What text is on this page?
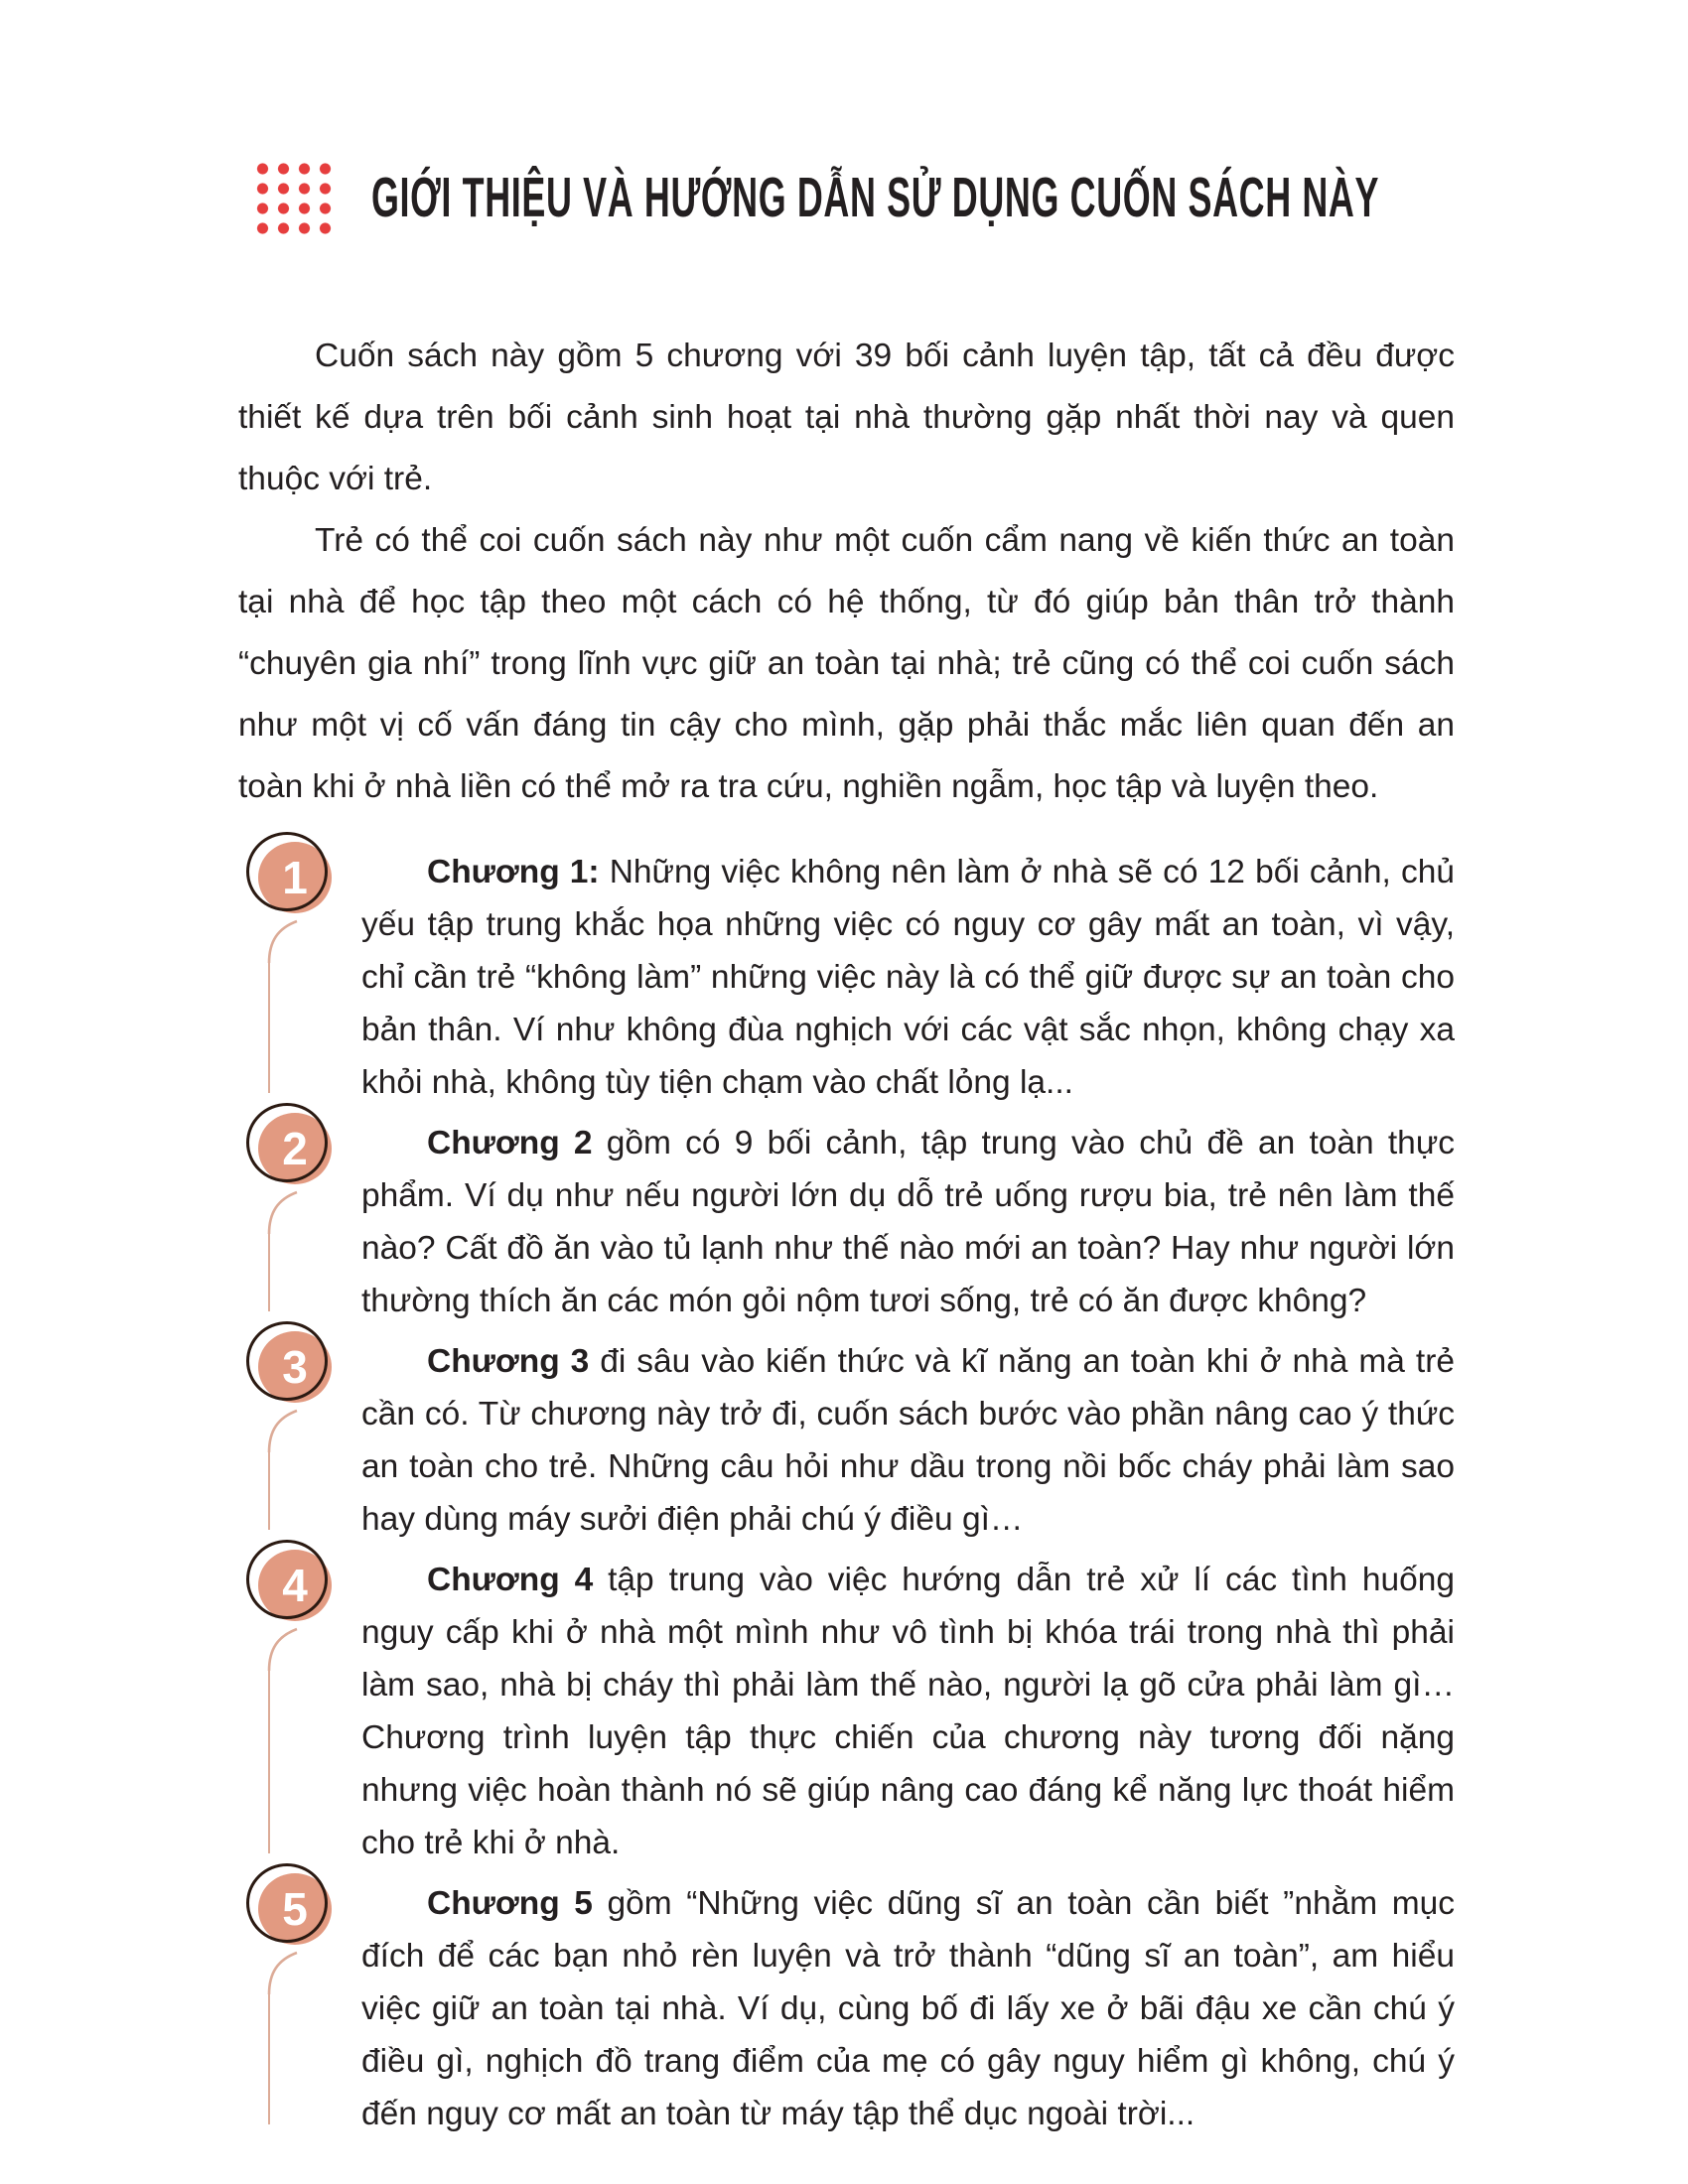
GIỚI THIỆU VÀ HƯỚNG DẪN SỬ DỤNG CUỐN SÁCH NÀY

Cuốn sách này gồm 5 chương với 39 bối cảnh luyện tập, tất cả đều được thiết kế dựa trên bối cảnh sinh hoạt tại nhà thường gặp nhất thời nay và quen thuộc với trẻ.

Trẻ có thể coi cuốn sách này như một cuốn cẩm nang về kiến thức an toàn tại nhà để học tập theo một cách có hệ thống, từ đó giúp bản thân trở thành “chuyên gia nhí” trong lĩnh vực giữ an toàn tại nhà; trẻ cũng có thể coi cuốn sách như một vị cố vấn đáng tin cậy cho mình, gặp phải thắc mắc liên quan đến an toàn khi ở nhà liền có thể mở ra tra cứu, nghiền ngẫm, học tập và luyện theo.

1	Chương 1: Những việc không nên làm ở nhà sẽ có 12 bối cảnh, chủ yếu tập trung khắc họa những việc có nguy cơ gây mất an toàn, vì vậy, chỉ cần trẻ “không làm” những việc này là có thể giữ được sự an toàn cho bản thân. Ví như không đùa nghịch với các vật sắc nhọn, không chạy xa khỏi nhà, không tùy tiện chạm vào chất lỏng lạ...

2	Chương 2 gồm có 9 bối cảnh, tập trung vào chủ đề an toàn thực phẩm. Ví dụ như nếu người lớn dụ dỗ trẻ uống rượu bia, trẻ nên làm thế nào? Cất đồ ăn vào tủ lạnh như thế nào mới an toàn? Hay như người lớn thường thích ăn các món gỏi nộm tươi sống, trẻ có ăn được không?

3	Chương 3 đi sâu vào kiến thức và kĩ năng an toàn khi ở nhà mà trẻ cần có. Từ chương này trở đi, cuốn sách bước vào phần nâng cao ý thức an toàn cho trẻ. Những câu hỏi như dầu trong nồi bốc cháy phải làm sao hay dùng máy sưởi điện phải chú ý điều gì…

4	Chương 4 tập trung vào việc hướng dẫn trẻ xử lí các tình huống nguy cấp khi ở nhà một mình như vô tình bị khóa trái trong nhà thì phải làm sao, nhà bị cháy thì phải làm thế nào, người lạ gõ cửa phải làm gì… Chương trình luyện tập thực chiến của chương này tương đối nặng nhưng việc hoàn thành nó sẽ giúp nâng cao đáng kể năng lực thoát hiểm cho trẻ khi ở nhà.

5	Chương 5 gồm “Những việc dũng sĩ an toàn cần biết ”nhằm mục đích để các bạn nhỏ rèn luyện và trở thành “dũng sĩ an toàn”, am hiểu việc giữ an toàn tại nhà. Ví dụ, cùng bố đi lấy xe ở bãi đậu xe cần chú ý điều gì, nghịch đồ trang điểm của mẹ có gây nguy hiểm gì không, chú ý đến nguy cơ mất an toàn từ máy tập thể dục ngoài trời...
